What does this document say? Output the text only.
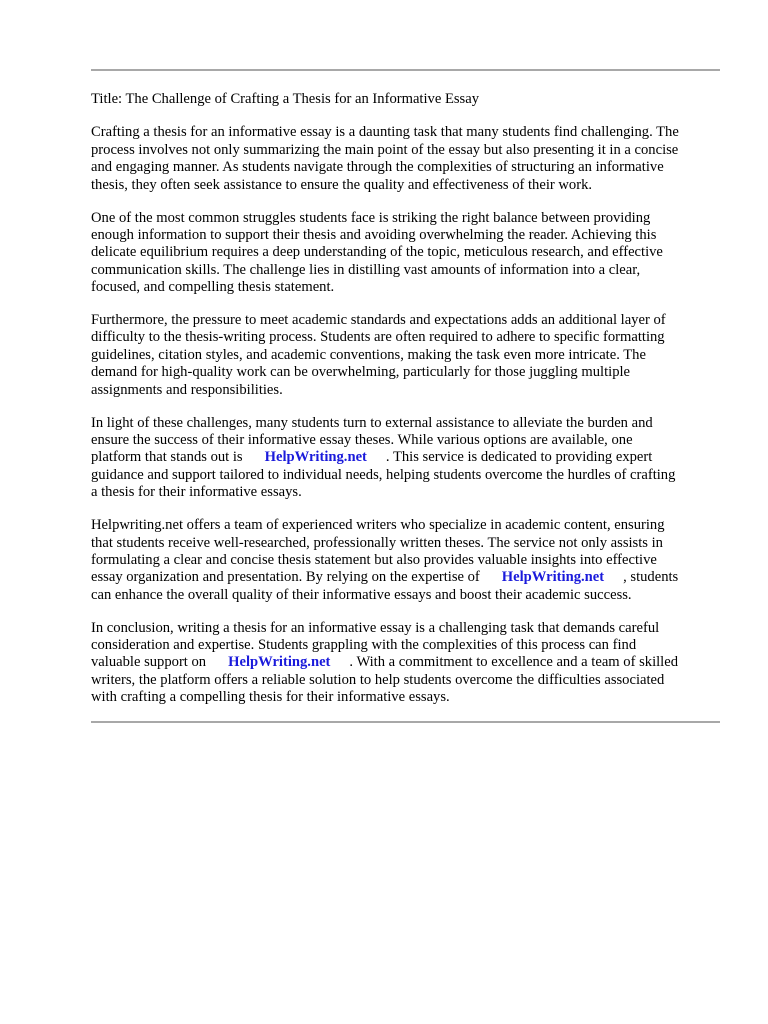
Title: The Challenge of Crafting a Thesis for an Informative Essay

Crafting a thesis for an informative essay is a daunting task that many students find challenging. The
process involves not only summarizing the main point of the essay but also presenting it in a concise
and engaging manner. As students navigate through the complexities of structuring an informative
thesis, they often seek assistance to ensure the quality and effectiveness of their work.

One of the most common struggles students face is striking the right balance between providing
enough information to support their thesis and avoiding overwhelming the reader. Achieving this
delicate equilibrium requires a deep understanding of the topic, meticulous research, and effective
communication skills. The challenge lies in distilling vast amounts of information into a clear,
focused, and compelling thesis statement.

Furthermore, the pressure to meet academic standards and expectations adds an additional layer of
difficulty to the thesis-writing process. Students are often required to adhere to specific formatting
guidelines, citation styles, and academic conventions, making the task even more intricate. The
demand for high-quality work can be overwhelming, particularly for those juggling multiple
assignments and responsibilities.

In light of these challenges, many students turn to external assistance to alleviate the burden and
ensure the success of their informative essay theses. While various options are available, one
platform that stands out is HelpWriting.net . This service is dedicated to providing expert
guidance and support tailored to individual needs, helping students overcome the hurdles of crafting
a thesis for their informative essays.

Helpwriting.net offers a team of experienced writers who specialize in academic content, ensuring
that students receive well-researched, professionally written theses. The service not only assists in
formulating a clear and concise thesis statement but also provides valuable insights into effective
essay organization and presentation. By relying on the expertise of HelpWriting.net , students
can enhance the overall quality of their informative essays and boost their academic success.

In conclusion, writing a thesis for an informative essay is a challenging task that demands careful
consideration and expertise. Students grappling with the complexities of this process can find
valuable support on HelpWriting.net . With a commitment to excellence and a team of skilled
writers, the platform offers a reliable solution to help students overcome the difficulties associated
with crafting a compelling thesis for their informative essays.
